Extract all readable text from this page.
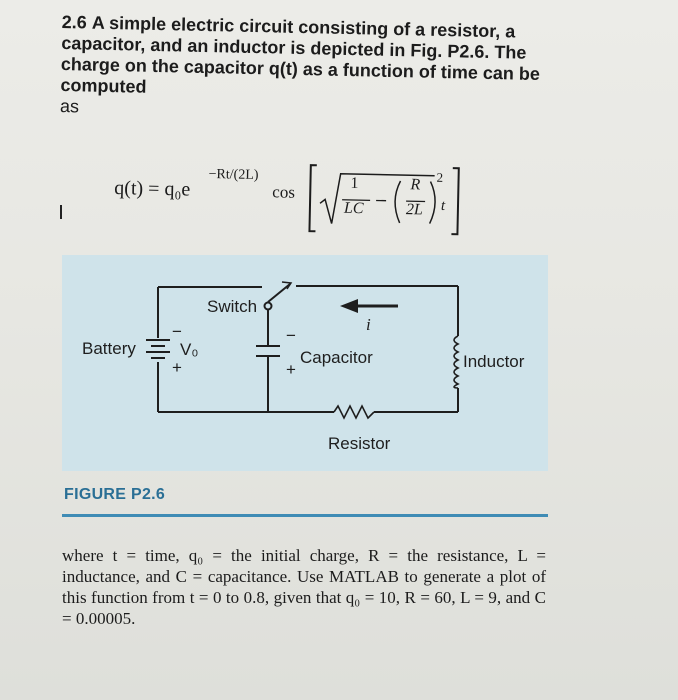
2.6 A simple electric circuit consisting of a resistor, a capacitor, and an inductor is depicted in Fig. P2.6. The charge on the capacitor q(t) as a function of time can be computed
as
q(t) = q₀e
−Rt/(2L)
cos	1
LC
R
2L
2
t
Switch
i
Battery	V₀
+
−
Capacitor
+
−
Inductor
Resistor
FIGURE P2.6
where t = time, q₀ = the initial charge, R = the resistance, L = inductance, and C = capacitance. Use MATLAB to generate a plot of this function from t = 0 to 0.8, given that q₀ = 10, R = 60, L = 9, and C = 0.00005.
